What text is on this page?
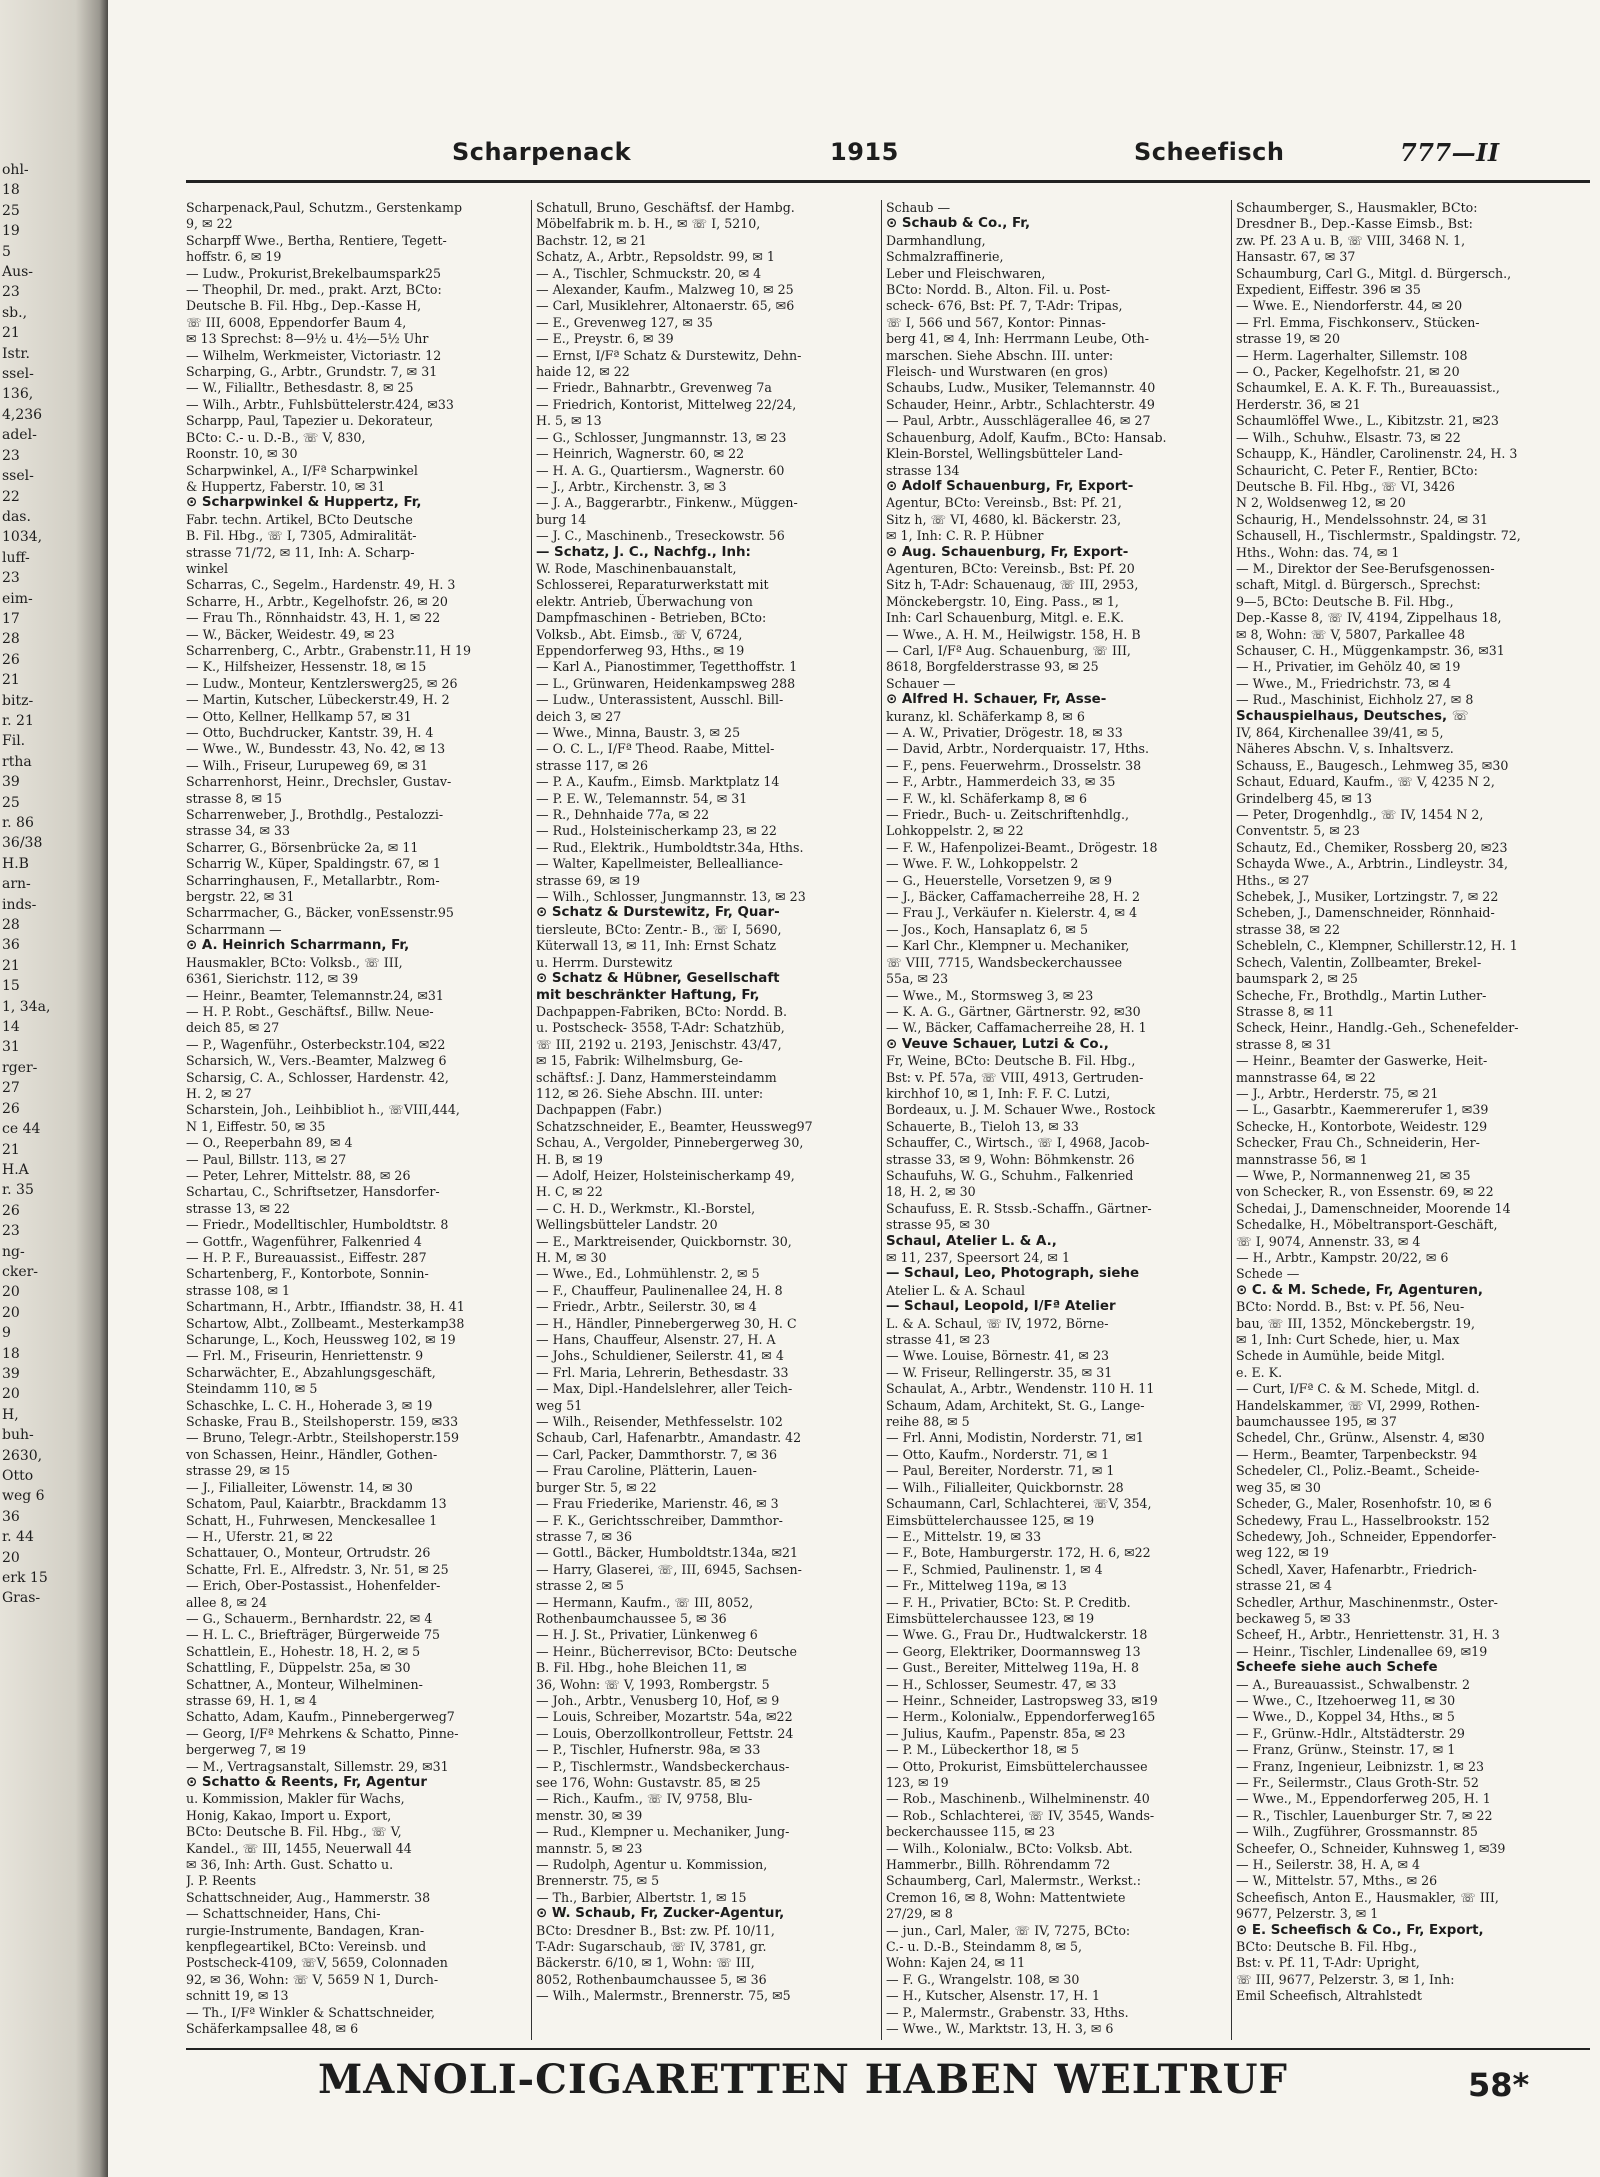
ohl-
18
25
19
5
Aus-
23
sb.,
21
Istr.
ssel-
136,
4,236
adel-
23
ssel-
22
das.
1034,
luff-
23
eim-
17
28
26
21
bitz-
r. 21
Fil.
rtha
39
25
r. 86
36/38
H.B
arn-
inds-
28
36
21
15
1, 34a,
14
31
rger-
27
26
ce 44
21
H.A
r. 35
26
23
ng-
cker-
20
20
9
18
39
20
H,
buh-
2630,
Otto
weg 6
36
r. 44
20
erk 15
Gras-
Scharpenack	1915	Scheefisch	777—II
Scharpenack,Paul, Schutzm., Gerstenkamp
9, ✉ 22
Scharpff Wwe., Bertha, Rentiere, Tegett-
hoffstr. 6, ✉ 19
— Ludw., Prokurist,Brekelbaumspark25
— Theophil, Dr. med., prakt. Arzt, BCto:
Deutsche B. Fil. Hbg., Dep.-Kasse H,
☏ III, 6008, Eppendorfer Baum 4,
✉ 13 Sprechst: 8—9½ u. 4½—5½ Uhr
— Wilhelm, Werkmeister, Victoriastr. 12
Scharping, G., Arbtr., Grundstr. 7, ✉ 31
— W., Filialltr., Bethesdastr. 8, ✉ 25
— Wilh., Arbtr., Fuhlsbüttelerstr.424, ✉33
Scharpp, Paul, Tapezier u. Dekorateur,
BCto: C.- u. D.-B., ☏ V, 830,
Roonstr. 10, ✉ 30
Scharpwinkel, A., I/Fª Scharpwinkel
& Huppertz, Faberstr. 10, ✉ 31
⊙ Scharpwinkel & Huppertz, Fr,
Fabr. techn. Artikel, BCto Deutsche
B. Fil. Hbg., ☏ I, 7305, Admiralität-
strasse 71/72, ✉ 11, Inh: A. Scharp-
winkel
Scharras, C., Segelm., Hardenstr. 49, H. 3
Scharre, H., Arbtr., Kegelhofstr. 26, ✉ 20
— Frau Th., Rönnhaidstr. 43, H. 1, ✉ 22
— W., Bäcker, Weidestr. 49, ✉ 23
Scharrenberg, C., Arbtr., Grabenstr.11, H 19
— K., Hilfsheizer, Hessenstr. 18, ✉ 15
— Ludw., Monteur, Kentzlerswerg25, ✉ 26
— Martin, Kutscher, Lübeckerstr.49, H. 2
— Otto, Kellner, Hellkamp 57, ✉ 31
— Otto, Buchdrucker, Kantstr. 39, H. 4
— Wwe., W., Bundesstr. 43, No. 42, ✉ 13
— Wilh., Friseur, Lurupeweg 69, ✉ 31
Scharrenhorst, Heinr., Drechsler, Gustav-
strasse 8, ✉ 15
Scharrenweber, J., Brothdlg., Pestalozzi-
strasse 34, ✉ 33
Scharrer, G., Börsenbrücke 2a, ✉ 11
Scharrig W., Küper, Spaldingstr. 67, ✉ 1
Scharringhausen, F., Metallarbtr., Rom-
bergstr. 22, ✉ 31
Scharrmacher, G., Bäcker, vonEssenstr.95
Scharrmann —
⊙ A. Heinrich Scharrmann, Fr,
Hausmakler, BCto: Volksb., ☏ III,
6361, Sierichstr. 112, ✉ 39
— Heinr., Beamter, Telemannstr.24, ✉31
— H. P. Robt., Geschäftsf., Billw. Neue-
deich 85, ✉ 27
— P., Wagenführ., Osterbeckstr.104, ✉22
Scharsich, W., Vers.-Beamter, Malzweg 6
Scharsig, C. A., Schlosser, Hardenstr. 42,
H. 2, ✉ 27
Scharstein, Joh., Leihbibliot h., ☏VIII,444,
N 1, Eiffestr. 50, ✉ 35
— O., Reeperbahn 89, ✉ 4
— Paul, Billstr. 113, ✉ 27
— Peter, Lehrer, Mittelstr. 88, ✉ 26
Schartau, C., Schriftsetzer, Hansdorfer-
strasse 13, ✉ 22
— Friedr., Modelltischler, Humboldtstr. 8
— Gottfr., Wagenführer, Falkenried 4
— H. P. F., Bureauassist., Eiffestr. 287
Schartenberg, F., Kontorbote, Sonnin-
strasse 108, ✉ 1
Schartmann, H., Arbtr., Iffiandstr. 38, H. 41
Schartow, Albt., Zollbeamt., Mesterkamp38
Scharunge, L., Koch, Heussweg 102, ✉ 19
— Frl. M., Friseurin, Henriettenstr. 9
Scharwächter, E., Abzahlungsgeschäft,
Steindamm 110, ✉ 5
Schaschke, L. C. H., Hoherade 3, ✉ 19
Schaske, Frau B., Steilshoperstr. 159, ✉33
— Bruno, Telegr.-Arbtr., Steilshoperstr.159
von Schassen, Heinr., Händler, Gothen-
strasse 29, ✉ 15
— J., Filialleiter, Löwenstr. 14, ✉ 30
Schatom, Paul, Kaiarbtr., Brackdamm 13
Schatt, H., Fuhrwesen, Menckesallee 1
— H., Uferstr. 21, ✉ 22
Schattauer, O., Monteur, Ortrudstr. 26
Schatte, Frl. E., Alfredstr. 3, Nr. 51, ✉ 25
— Erich, Ober-Postassist., Hohenfelder-
allee 8, ✉ 24
— G., Schauerm., Bernhardstr. 22, ✉ 4
— H. L. C., Briefträger, Bürgerweide 75
Schattlein, E., Hohestr. 18, H. 2, ✉ 5
Schattling, F., Düppelstr. 25a, ✉ 30
Schattner, A., Monteur, Wilhelminen-
strasse 69, H. 1, ✉ 4
Schatto, Adam, Kaufm., Pinnebergerweg7
— Georg, I/Fª Mehrkens & Schatto, Pinne-
bergerweg 7, ✉ 19
— M., Vertragsanstalt, Sillemstr. 29, ✉31
⊙ Schatto & Reents, Fr, Agentur
u. Kommission, Makler für Wachs,
Honig, Kakao, Import u. Export,
BCto: Deutsche B. Fil. Hbg., ☏ V,
Kandel., ☏ III, 1455, Neuerwall 44
✉ 36, Inh: Arth. Gust. Schatto u.
J. P. Reents
Schattschneider, Aug., Hammerstr. 38
— Schattschneider, Hans, Chi-
rurgie-Instrumente, Bandagen, Kran-
kenpflegeartikel, BCto: Vereinsb. und
Postscheck-4109, ☏V, 5659, Colonnaden
92, ✉ 36, Wohn: ☏ V, 5659 N 1, Durch-
schnitt 19, ✉ 13
— Th., I/Fª Winkler & Schattschneider,
Schäferkampsallee 48, ✉ 6
Schatull, Bruno, Geschäftsf. der Hambg.
Möbelfabrik m. b. H., ✉ ☏ I, 5210,
Bachstr. 12, ✉ 21
Schatz, A., Arbtr., Repsoldstr. 99, ✉ 1
— A., Tischler, Schmuckstr. 20, ✉ 4
— Alexander, Kaufm., Malzweg 10, ✉ 25
— Carl, Musiklehrer, Altonaerstr. 65, ✉6
— E., Grevenweg 127, ✉ 35
— E., Preystr. 6, ✉ 39
— Ernst, I/Fª Schatz & Durstewitz, Dehn-
haide 12, ✉ 22
— Friedr., Bahnarbtr., Grevenweg 7a
— Friedrich, Kontorist, Mittelweg 22/24,
H. 5, ✉ 13
— G., Schlosser, Jungmannstr. 13, ✉ 23
— Heinrich, Wagnerstr. 60, ✉ 22
— H. A. G., Quartiersm., Wagnerstr. 60
— J., Arbtr., Kirchenstr. 3, ✉ 3
— J. A., Baggerarbtr., Finkenw., Müggen-
burg 14
— J. C., Maschinenb., Treseckowstr. 56
— Schatz, J. C., Nachfg., Inh:
W. Rode, Maschinenbauanstalt,
Schlosserei, Reparaturwerkstatt mit
elektr. Antrieb, Überwachung von
Dampfmaschinen - Betrieben, BCto:
Volksb., Abt. Eimsb., ☏ V, 6724,
Eppendorferweg 93, Hths., ✉ 19
— Karl A., Pianostimmer, Tegetthoffstr. 1
— L., Grünwaren, Heidenkampsweg 288
— Ludw., Unterassistent, Ausschl. Bill-
deich 3, ✉ 27
— Wwe., Minna, Baustr. 3, ✉ 25
— O. C. L., I/Fª Theod. Raabe, Mittel-
strasse 117, ✉ 26
— P. A., Kaufm., Eimsb. Marktplatz 14
— P. E. W., Telemannstr. 54, ✉ 31
— R., Dehnhaide 77a, ✉ 22
— Rud., Holsteinischerkamp 23, ✉ 22
— Rud., Elektrik., Humboldtstr.34a, Hths.
— Walter, Kapellmeister, Bellealliance-
strasse 69, ✉ 19
— Wilh., Schlosser, Jungmannstr. 13, ✉ 23
⊙ Schatz & Durstewitz, Fr, Quar-
tiersleute, BCto: Zentr.- B., ☏ I, 5690,
Küterwall 13, ✉ 11, Inh: Ernst Schatz
u. Herrm. Durstewitz
⊙ Schatz & Hübner, Gesellschaft
mit beschränkter Haftung, Fr,
Dachpappen-Fabriken, BCto: Nordd. B.
u. Postscheck- 3558, T-Adr: Schatzhüb,
☏ III, 2192 u. 2193, Jenischstr. 43/47,
✉ 15, Fabrik: Wilhelmsburg, Ge-
schäftsf.: J. Danz, Hammersteindamm
112, ✉ 26. Siehe Abschn. III. unter:
Dachpappen (Fabr.)
Schatzschneider, E., Beamter, Heussweg97
Schau, A., Vergolder, Pinnebergerweg 30,
H. B, ✉ 19
— Adolf, Heizer, Holsteinischerkamp 49,
H. C, ✉ 22
— C. H. D., Werkmstr., Kl.-Borstel,
Wellingsbütteler Landstr. 20
— E., Marktreisender, Quickbornstr. 30,
H. M, ✉ 30
— Wwe., Ed., Lohmühlenstr. 2, ✉ 5
— F., Chauffeur, Paulinenallee 24, H. 8
— Friedr., Arbtr., Seilerstr. 30, ✉ 4
— H., Händler, Pinnebergerweg 30, H. C
— Hans, Chauffeur, Alsenstr. 27, H. A
— Johs., Schuldiener, Seilerstr. 41, ✉ 4
— Frl. Maria, Lehrerin, Bethesdastr. 33
— Max, Dipl.-Handelslehrer, aller Teich-
weg 51
— Wilh., Reisender, Methfesselstr. 102
Schaub, Carl, Hafenarbtr., Amandastr. 42
— Carl, Packer, Dammthorstr. 7, ✉ 36
— Frau Caroline, Plätterin, Lauen-
burger Str. 5, ✉ 22
— Frau Friederike, Marienstr. 46, ✉ 3
— F. K., Gerichtsschreiber, Dammthor-
strasse 7, ✉ 36
— Gottl., Bäcker, Humboldtstr.134a, ✉21
— Harry, Glaserei, ☏, III, 6945, Sachsen-
strasse 2, ✉ 5
— Hermann, Kaufm., ☏ III, 8052,
Rothenbaumchaussee 5, ✉ 36
— H. J. St., Privatier, Lünkenweg 6
— Heinr., Bücherrevisor, BCto: Deutsche
B. Fil. Hbg., hohe Bleichen 11, ✉
36, Wohn: ☏ V, 1993, Rombergstr. 5
— Joh., Arbtr., Venusberg 10, Hof, ✉ 9
— Louis, Schreiber, Mozartstr. 54a, ✉22
— Louis, Oberzollkontrolleur, Fettstr. 24
— P., Tischler, Hufnerstr. 98a, ✉ 33
— P., Tischlermstr., Wandsbeckerchaus-
see 176, Wohn: Gustavstr. 85, ✉ 25
— Rich., Kaufm., ☏ IV, 9758, Blu-
menstr. 30, ✉ 39
— Rud., Klempner u. Mechaniker, Jung-
mannstr. 5, ✉ 23
— Rudolph, Agentur u. Kommission,
Brennerstr. 75, ✉ 5
— Th., Barbier, Albertstr. 1, ✉ 15
⊙ W. Schaub, Fr, Zucker-Agentur,
BCto: Dresdner B., Bst: zw. Pf. 10/11,
T-Adr: Sugarschaub, ☏ IV, 3781, gr.
Bäckerstr. 6/10, ✉ 1, Wohn: ☏ III,
8052, Rothenbaumchaussee 5, ✉ 36
— Wilh., Malermstr., Brennerstr. 75, ✉5
Schaub —
⊙ Schaub & Co., Fr,
Darmhandlung,
Schmalzraffinerie,
Leber und Fleischwaren,
BCto: Nordd. B., Alton. Fil. u. Post-
scheck- 676, Bst: Pf. 7, T-Adr: Tripas,
☏ I, 566 und 567, Kontor: Pinnas-
berg 41, ✉ 4, Inh: Herrmann Leube, Oth-
marschen. Siehe Abschn. III. unter:
Fleisch- und Wurstwaren (en gros)
Schaubs, Ludw., Musiker, Telemannstr. 40
Schauder, Heinr., Arbtr., Schlachterstr. 49
— Paul, Arbtr., Ausschlägerallee 46, ✉ 27
Schauenburg, Adolf, Kaufm., BCto: Hansab.
Klein-Borstel, Wellingsbütteler Land-
strasse 134
⊙ Adolf Schauenburg, Fr, Export-
Agentur, BCto: Vereinsb., Bst: Pf. 21,
Sitz h, ☏ VI, 4680, kl. Bäckerstr. 23,
✉ 1, Inh: C. R. P. Hübner
⊙ Aug. Schauenburg, Fr, Export-
Agenturen, BCto: Vereinsb., Bst: Pf. 20
Sitz h, T-Adr: Schauenaug, ☏ III, 2953,
Mönckebergstr. 10, Eing. Pass., ✉ 1,
Inh: Carl Schauenburg, Mitgl. e. E.K.
— Wwe., A. H. M., Heilwigstr. 158, H. B
— Carl, I/Fª Aug. Schauenburg, ☏ III,
8618, Borgfelderstrasse 93, ✉ 25
Schauer —
⊙ Alfred H. Schauer, Fr, Asse-
kuranz, kl. Schäferkamp 8, ✉ 6
— A. W., Privatier, Drögestr. 18, ✉ 33
— David, Arbtr., Norderquaistr. 17, Hths.
— F., pens. Feuerwehrm., Drosselstr. 38
— F., Arbtr., Hammerdeich 33, ✉ 35
— F. W., kl. Schäferkamp 8, ✉ 6
— Friedr., Buch- u. Zeitschriftenhdlg.,
Lohkoppelstr. 2, ✉ 22
— F. W., Hafenpolizei-Beamt., Drögestr. 18
— Wwe. F. W., Lohkoppelstr. 2
— G., Heuerstelle, Vorsetzen 9, ✉ 9
— J., Bäcker, Caffamacherreihe 28, H. 2
— Frau J., Verkäufer n. Kielerstr. 4, ✉ 4
— Jos., Koch, Hansaplatz 6, ✉ 5
— Karl Chr., Klempner u. Mechaniker,
☏ VIII, 7715, Wandsbeckerchaussee
55a, ✉ 23
— Wwe., M., Stormsweg 3, ✉ 23
— K. A. G., Gärtner, Gärtnerstr. 92, ✉30
— W., Bäcker, Caffamacherreihe 28, H. 1
⊙ Veuve Schauer, Lutzi & Co.,
Fr, Weine, BCto: Deutsche B. Fil. Hbg.,
Bst: v. Pf. 57a, ☏ VIII, 4913, Gertruden-
kirchhof 10, ✉ 1, Inh: F. F. C. Lutzi,
Bordeaux, u. J. M. Schauer Wwe., Rostock
Schauerte, B., Tieloh 13, ✉ 33
Schauffer, C., Wirtsch., ☏ I, 4968, Jacob-
strasse 33, ✉ 9, Wohn: Böhmkenstr. 26
Schaufuhs, W. G., Schuhm., Falkenried
18, H. 2, ✉ 30
Schaufuss, E. R. Stssb.-Schaffn., Gärtner-
strasse 95, ✉ 30
Schaul, Atelier L. & A.,
✉ 11, 237, Speersort 24, ✉ 1
— Schaul, Leo, Photograph, siehe
Atelier L. & A. Schaul
— Schaul, Leopold, I/Fª Atelier
L. & A. Schaul, ☏ IV, 1972, Börne-
strasse 41, ✉ 23
— Wwe. Louise, Börnestr. 41, ✉ 23
— W. Friseur, Rellingerstr. 35, ✉ 31
Schaulat, A., Arbtr., Wendenstr. 110 H. 11
Schaum, Adam, Architekt, St. G., Lange-
reihe 88, ✉ 5
— Frl. Anni, Modistin, Norderstr. 71, ✉1
— Otto, Kaufm., Norderstr. 71, ✉ 1
— Paul, Bereiter, Norderstr. 71, ✉ 1
— Wilh., Filialleiter, Quickbornstr. 28
Schaumann, Carl, Schlachterei, ☏V, 354,
Eimsbüttelerchaussee 125, ✉ 19
— E., Mittelstr. 19, ✉ 33
— F., Bote, Hamburgerstr. 172, H. 6, ✉22
— F., Schmied, Paulinenstr. 1, ✉ 4
— Fr., Mittelweg 119a, ✉ 13
— F. H., Privatier, BCto: St. P. Creditb.
Eimsbüttelerchaussee 123, ✉ 19
— Wwe. G., Frau Dr., Hudtwalckerstr. 18
— Georg, Elektriker, Doormannsweg 13
— Gust., Bereiter, Mittelweg 119a, H. 8
— H., Schlosser, Seumestr. 47, ✉ 33
— Heinr., Schneider, Lastropsweg 33, ✉19
— Herm., Kolonialw., Eppendorferweg165
— Julius, Kaufm., Papenstr. 85a, ✉ 23
— P. M., Lübeckerthor 18, ✉ 5
— Otto, Prokurist, Eimsbüttelerchaussee
123, ✉ 19
— Rob., Maschinenb., Wilhelminenstr. 40
— Rob., Schlachterei, ☏ IV, 3545, Wands-
beckerchaussee 115, ✉ 23
— Wilh., Kolonialw., BCto: Volksb. Abt.
Hammerbr., Billh. Röhrendamm 72
Schaumberg, Carl, Malermstr., Werkst.:
Cremon 16, ✉ 8, Wohn: Mattentwiete
27/29, ✉ 8
— jun., Carl, Maler, ☏ IV, 7275, BCto:
C.- u. D.-B., Steindamm 8, ✉ 5,
Wohn: Kajen 24, ✉ 11
— F. G., Wrangelstr. 108, ✉ 30
— H., Kutscher, Alsenstr. 17, H. 1
— P., Malermstr., Grabenstr. 33, Hths.
— Wwe., W., Marktstr. 13, H. 3, ✉ 6
Schaumberger, S., Hausmakler, BCto:
Dresdner B., Dep.-Kasse Eimsb., Bst:
zw. Pf. 23 A u. B, ☏ VIII, 3468 N. 1,
Hansastr. 67, ✉ 37
Schaumburg, Carl G., Mitgl. d. Bürgersch.,
Expedient, Eiffestr. 396 ✉ 35
— Wwe. E., Niendorferstr. 44, ✉ 20
— Frl. Emma, Fischkonserv., Stücken-
strasse 19, ✉ 20
— Herm. Lagerhalter, Sillemstr. 108
— O., Packer, Kegelhofstr. 21, ✉ 20
Schaumkel, E. A. K. F. Th., Bureauassist.,
Herderstr. 36, ✉ 21
Schaumlöffel Wwe., L., Kibitzstr. 21, ✉23
— Wilh., Schuhw., Elsastr. 73, ✉ 22
Schaupp, K., Händler, Carolinenstr. 24, H. 3
Schauricht, C. Peter F., Rentier, BCto:
Deutsche B. Fil. Hbg., ☏ VI, 3426
N 2, Woldsenweg 12, ✉ 20
Schaurig, H., Mendelssohnstr. 24, ✉ 31
Schausell, H., Tischlermstr., Spaldingstr. 72,
Hths., Wohn: das. 74, ✉ 1
— M., Direktor der See-Berufsgenossen-
schaft, Mitgl. d. Bürgersch., Sprechst:
9—5, BCto: Deutsche B. Fil. Hbg.,
Dep.-Kasse 8, ☏ IV, 4194, Zippelhaus 18,
✉ 8, Wohn: ☏ V, 5807, Parkallee 48
Schauser, C. H., Müggenkampstr. 36, ✉31
— H., Privatier, im Gehölz 40, ✉ 19
— Wwe., M., Friedrichstr. 73, ✉ 4
— Rud., Maschinist, Eichholz 27, ✉ 8
Schauspielhaus, Deutsches, ☏
IV, 864, Kirchenallee 39/41, ✉ 5,
Näheres Abschn. V, s. Inhaltsverz.
Schauss, E., Baugesch., Lehmweg 35, ✉30
Schaut, Eduard, Kaufm., ☏ V, 4235 N 2,
Grindelberg 45, ✉ 13
— Peter, Drogenhdlg., ☏ IV, 1454 N 2,
Conventstr. 5, ✉ 23
Schautz, Ed., Chemiker, Rossberg 20, ✉23
Schayda Wwe., A., Arbtrin., Lindleystr. 34,
Hths., ✉ 27
Schebek, J., Musiker, Lortzingstr. 7, ✉ 22
Scheben, J., Damenschneider, Rönnhaid-
strasse 38, ✉ 22
Schebleln, C., Klempner, Schillerstr.12, H. 1
Schech, Valentin, Zollbeamter, Brekel-
baumspark 2, ✉ 25
Scheche, Fr., Brothdlg., Martin Luther-
Strasse 8, ✉ 11
Scheck, Heinr., Handlg.-Geh., Schenefelder-
strasse 8, ✉ 31
— Heinr., Beamter der Gaswerke, Heit-
mannstrasse 64, ✉ 22
— J., Arbtr., Herderstr. 75, ✉ 21
— L., Gasarbtr., Kaemmererufer 1, ✉39
Schecke, H., Kontorbote, Weidestr. 129
Schecker, Frau Ch., Schneiderin, Her-
mannstrasse 56, ✉ 1
— Wwe, P., Normannenweg 21, ✉ 35
von Schecker, R., von Essenstr. 69, ✉ 22
Schedai, J., Damenschneider, Moorende 14
Schedalke, H., Möbeltransport-Geschäft,
☏ I, 9074, Annenstr. 33, ✉ 4
— H., Arbtr., Kampstr. 20/22, ✉ 6
Schede —
⊙ C. & M. Schede, Fr, Agenturen,
BCto: Nordd. B., Bst: v. Pf. 56, Neu-
bau, ☏ III, 1352, Mönckebergstr. 19,
✉ 1, Inh: Curt Schede, hier, u. Max
Schede in Aumühle, beide Mitgl.
e. E. K.
— Curt, I/Fª C. & M. Schede, Mitgl. d.
Handelskammer, ☏ VI, 2999, Rothen-
baumchaussee 195, ✉ 37
Schedel, Chr., Grünw., Alsenstr. 4, ✉30
— Herm., Beamter, Tarpenbeckstr. 94
Schedeler, Cl., Poliz.-Beamt., Scheide-
weg 35, ✉ 30
Scheder, G., Maler, Rosenhofstr. 10, ✉ 6
Schedewy, Frau L., Hasselbrookstr. 152
Schedewy, Joh., Schneider, Eppendorfer-
weg 122, ✉ 19
Schedl, Xaver, Hafenarbtr., Friedrich-
strasse 21, ✉ 4
Schedler, Arthur, Maschinenmstr., Oster-
beckaweg 5, ✉ 33
Scheef, H., Arbtr., Henriettenstr. 31, H. 3
— Heinr., Tischler, Lindenallee 69, ✉19
Scheefe siehe auch Schefe
— A., Bureauassist., Schwalbenstr. 2
— Wwe., C., Itzehoerweg 11, ✉ 30
— Wwe., D., Koppel 34, Hths., ✉ 5
— F., Grünw.-Hdlr., Altstädterstr. 29
— Franz, Grünw., Steinstr. 17, ✉ 1
— Franz, Ingenieur, Leibnizstr. 1, ✉ 23
— Fr., Seilermstr., Claus Groth-Str. 52
— Wwe., M., Eppendorferweg 205, H. 1
— R., Tischler, Lauenburger Str. 7, ✉ 22
— Wilh., Zugführer, Grossmannstr. 85
Scheefer, O., Schneider, Kuhnsweg 1, ✉39
— H., Seilerstr. 38, H. A, ✉ 4
— W., Mittelstr. 57, Mths., ✉ 26
Scheefisch, Anton E., Hausmakler, ☏ III,
9677, Pelzerstr. 3, ✉ 1
⊙ E. Scheefisch & Co., Fr, Export,
BCto: Deutsche B. Fil. Hbg.,
Bst: v. Pf. 11, T-Adr: Upright,
☏ III, 9677, Pelzerstr. 3, ✉ 1, Inh:
Emil Scheefisch, Altrahlstedt
MANOLI-CIGARETTEN HABEN WELTRUF	58*
